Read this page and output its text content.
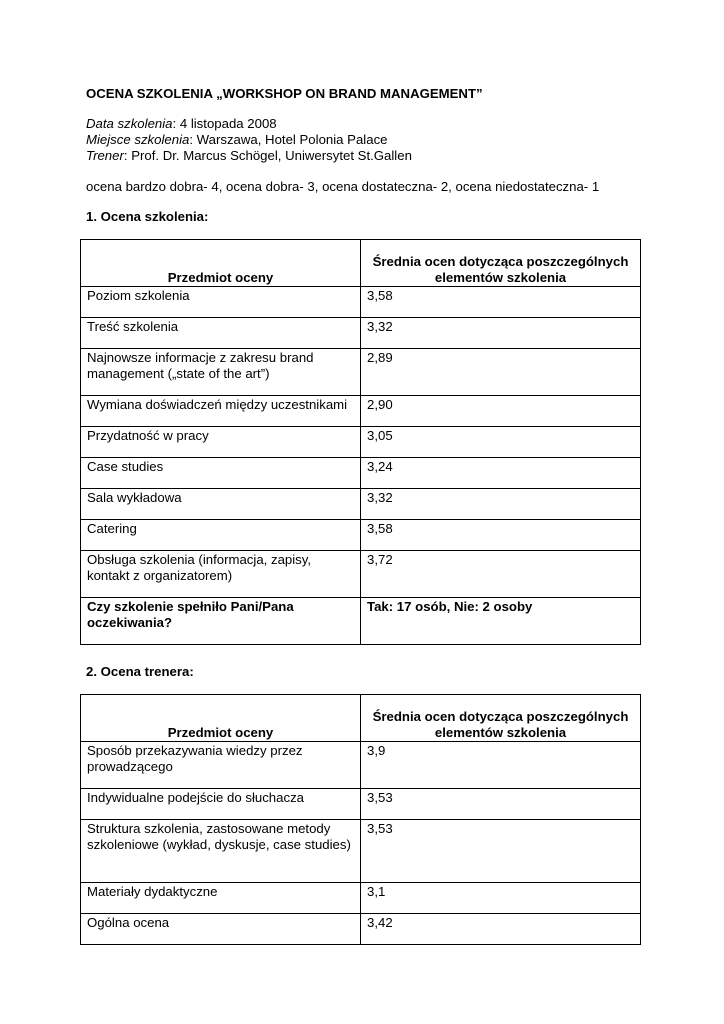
OCENA SZKOLENIA „WORKSHOP ON BRAND MANAGEMENT”
Data szkolenia: 4 listopada 2008
Miejsce szkolenia: Warszawa, Hotel Polonia Palace
Trener: Prof. Dr. Marcus Schögel, Uniwersytet St.Gallen
ocena bardzo dobra- 4, ocena dobra- 3, ocena dostateczna- 2, ocena niedostateczna- 1
1. Ocena szkolenia:
Przedmiot oceny	Średnia ocen dotycząca poszczególnych elementów szkolenia
Poziom szkolenia	3,58
Treść szkolenia	3,32
Najnowsze informacje z zakresu brand management („state of the art”)	2,89
Wymiana doświadczeń między uczestnikami	2,90
Przydatność w pracy	3,05
Case studies	3,24
Sala wykładowa	3,32
Catering	3,58
Obsługa szkolenia (informacja, zapisy, kontakt z organizatorem)	3,72
Czy szkolenie spełniło Pani/Pana oczekiwania?	Tak: 17 osób, Nie: 2 osoby
2. Ocena trenera:
Przedmiot oceny	Średnia ocen dotycząca poszczególnych elementów szkolenia
Sposób przekazywania wiedzy przez prowadzącego	3,9
Indywidualne podejście do słuchacza	3,53
Struktura szkolenia, zastosowane metody szkoleniowe (wykład, dyskusje, case studies)	3,53
Materiały dydaktyczne	3,1
Ogólna ocena	3,42
